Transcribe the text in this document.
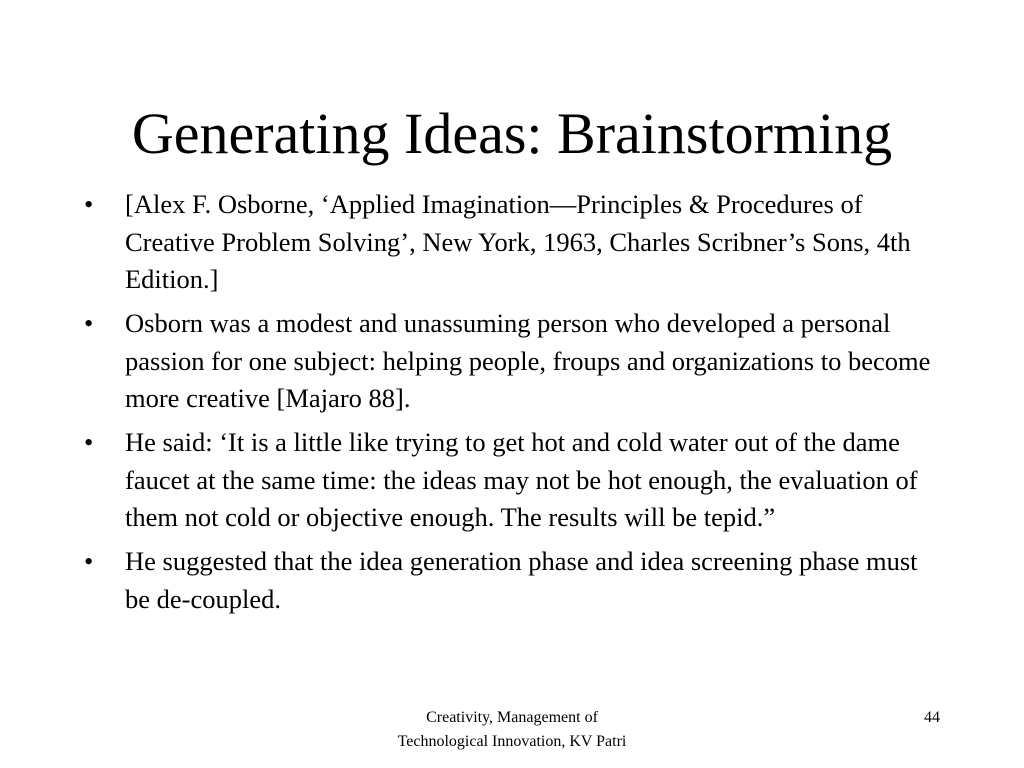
Generating Ideas: Brainstorming
•	[Alex F. Osborne, ‘Applied Imagination—Principles & Procedures of Creative Problem Solving’, New York, 1963, Charles Scribner’s Sons, 4th Edition.]
•	Osborn was a modest and unassuming person who developed a personal passion for one subject: helping people, froups and organizations to become more creative [Majaro 88].
•	He said: ‘It is a little like trying to get hot and cold water out of the dame faucet at the same time: the ideas may not be hot enough, the evaluation of them not cold or objective enough. The results will be tepid.”
•	He suggested that the idea generation phase and idea screening phase must be de-coupled.
Creativity, Management of
Technological Innovation, KV Patri
44
